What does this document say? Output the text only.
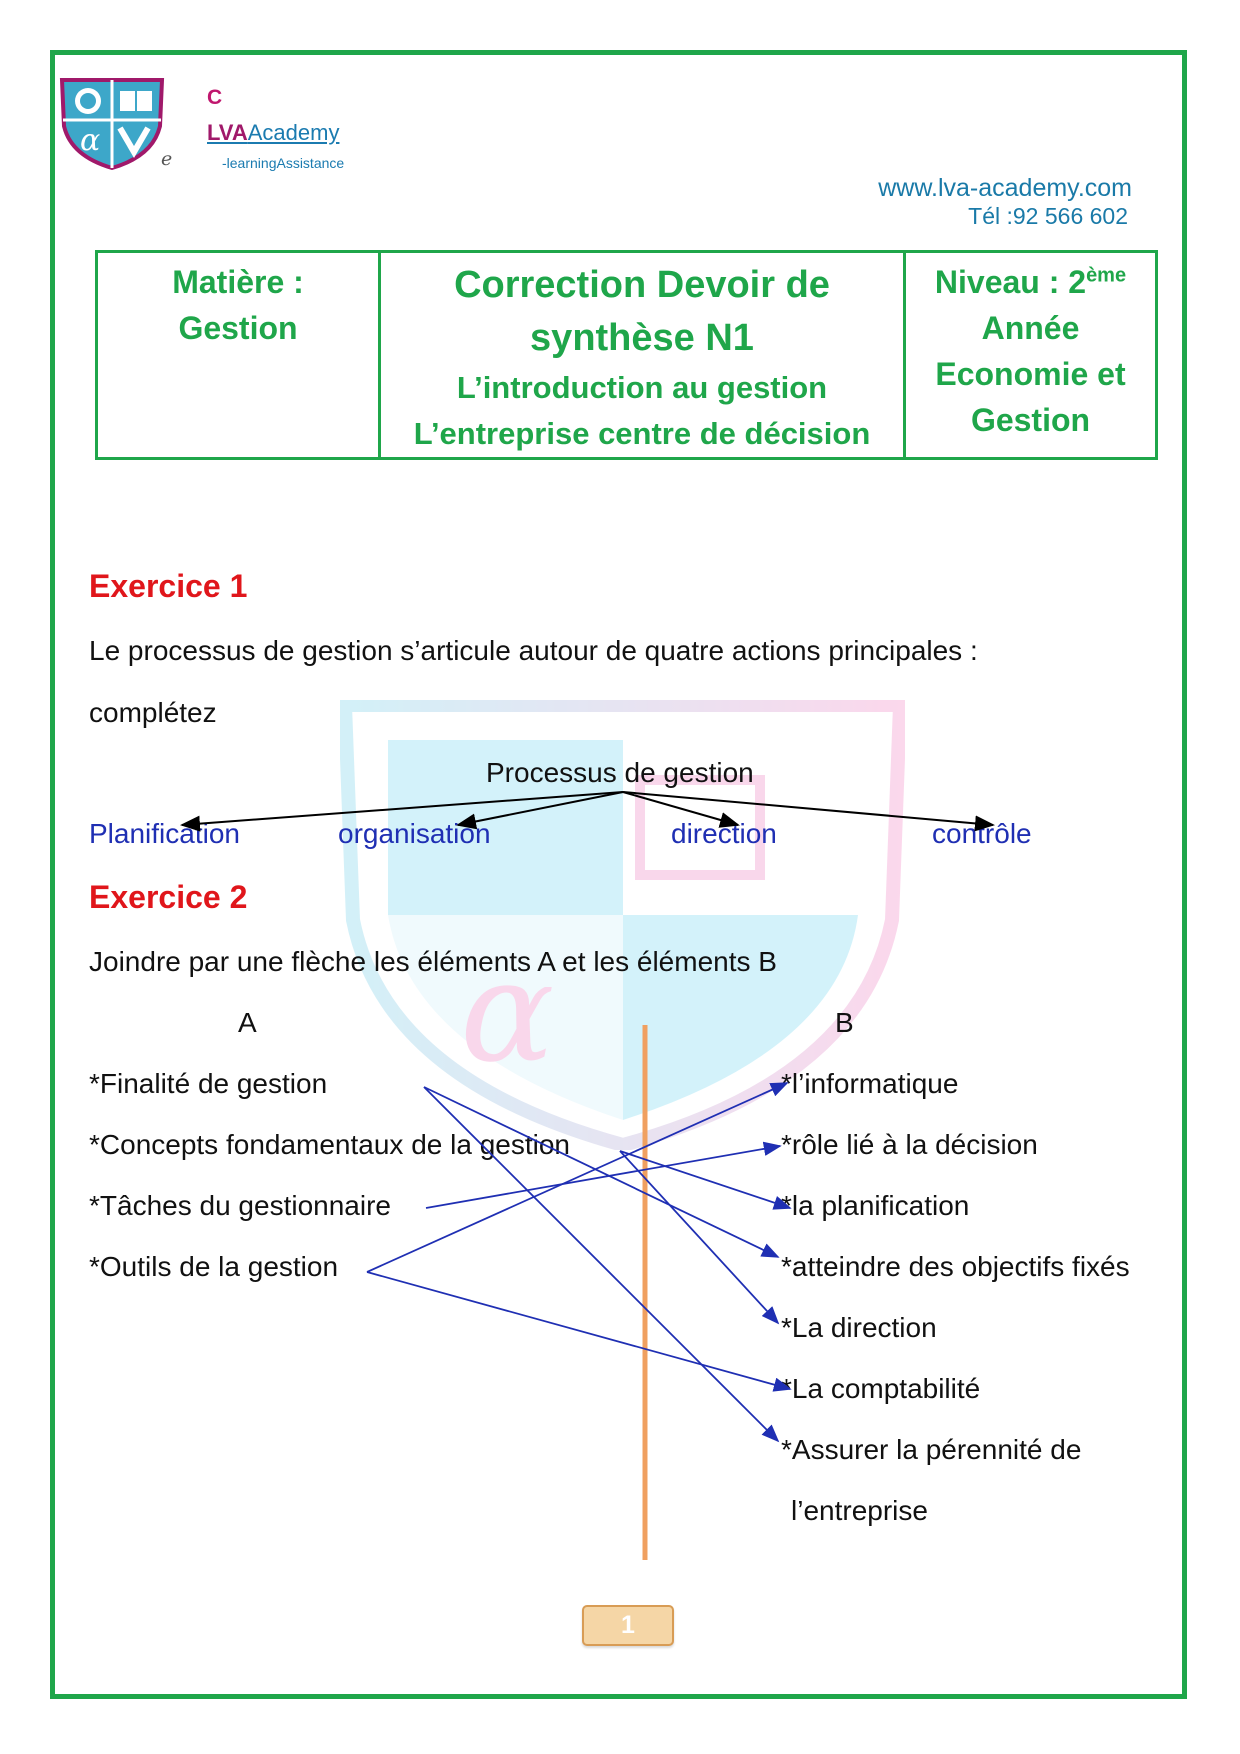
α
C
LVAAcademy
e	-learningAssistance
www.lva-academy.com
Tél :92 566 602
Matière :
Gestion

Correction Devoir de
synthèse N1
L’introduction au gestion
L’entreprise centre de décision

Niveau : 2ème
Année
Economie et
Gestion
α
Exercice 1
Le processus de gestion s’articule autour de quatre actions principales :
complétez
Processus de gestion
Planification	organisation	direction	contrôle
Exercice 2
Joindre par une flèche les éléments A et les éléments B
A	B
*Finalité de gestion
*Concepts fondamentaux de la gestion
*Tâches du gestionnaire
*Outils de la gestion
*l’informatique
*rôle lié à la décision
*la planification
*atteindre des objectifs fixés
*La direction
*La comptabilité
*Assurer la pérennité de
l’entreprise
1
